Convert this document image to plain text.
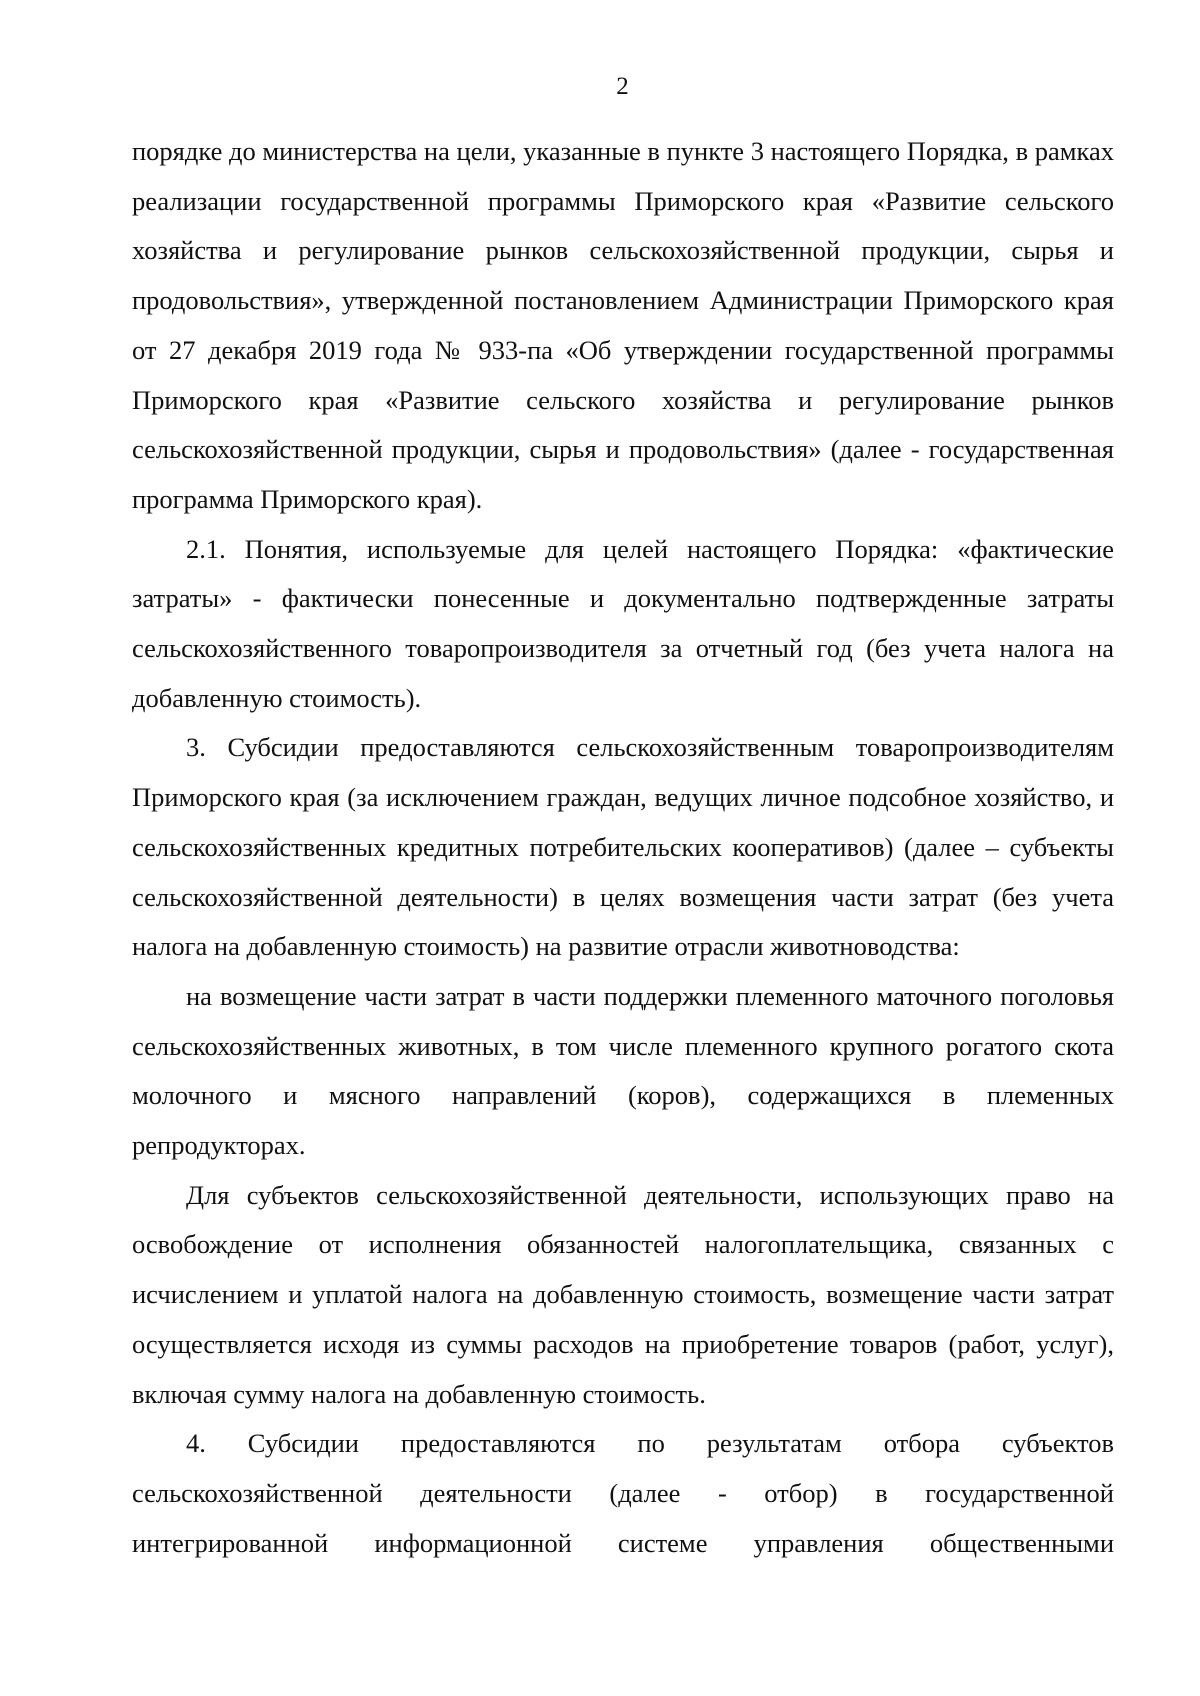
2

порядке до министерства на цели, указанные в пункте 3 настоящего Порядка, в рамках реализации государственной программы Приморского края «Развитие сельского хозяйства и регулирование рынков сельскохозяйственной продукции, сырья и продовольствия», утвержденной постановлением Администрации Приморского края от 27 декабря 2019 года № 933-па «Об утверждении государственной программы Приморского края «Развитие сельского хозяйства и регулирование рынков сельскохозяйственной продукции, сырья и продовольствия» (далее - государственная программа Приморского края).

2.1. Понятия, используемые для целей настоящего Порядка: «фактические затраты» - фактически понесенные и документально подтвержденные затраты сельскохозяйственного товаропроизводителя за отчетный год (без учета налога на добавленную стоимость).

3. Субсидии предоставляются сельскохозяйственным товаропроизводителям Приморского края (за исключением граждан, ведущих личное подсобное хозяйство, и сельскохозяйственных кредитных потребительских кооперативов) (далее – субъекты сельскохозяйственной деятельности) в целях возмещения части затрат (без учета налога на добавленную стоимость) на развитие отрасли животноводства:

на возмещение части затрат в части поддержки племенного маточного поголовья сельскохозяйственных животных, в том числе племенного крупного рогатого скота молочного и мясного направлений (коров), содержащихся в племенных репродукторах.

Для субъектов сельскохозяйственной деятельности, использующих право на освобождение от исполнения обязанностей налогоплательщика, связанных с исчислением и уплатой налога на добавленную стоимость, возмещение части затрат осуществляется исходя из суммы расходов на приобретение товаров (работ, услуг), включая сумму налога на добавленную стоимость.

4. Субсидии предоставляются по результатам отбора субъектов сельскохозяйственной деятельности (далее - отбор) в государственной интегрированной информационной системе управления общественными
